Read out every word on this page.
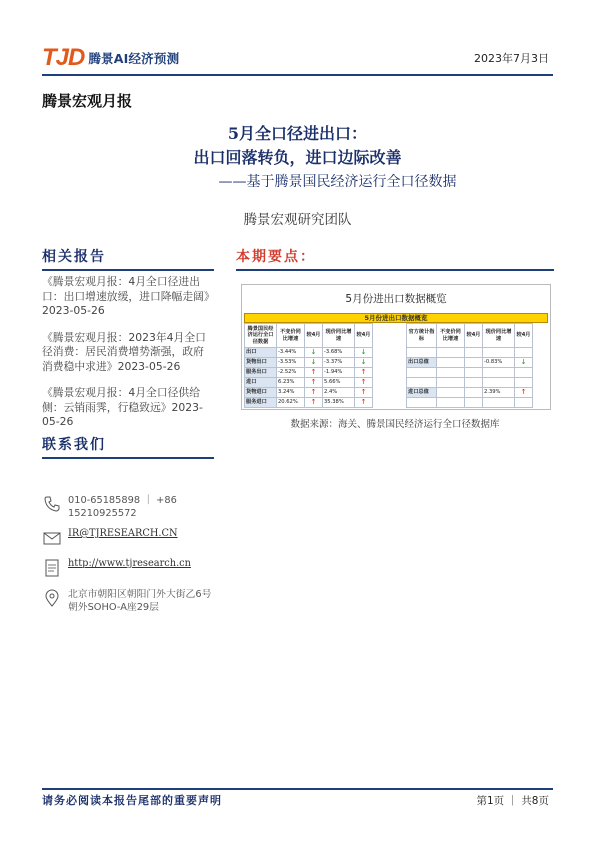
TJD 腾景AI经济预测	2023年7月3日
腾景宏观月报
5月全口径进出口：
出口回落转负，进口边际改善
——基于腾景国民经济运行全口径数据
腾景宏观研究团队
相关报告
《腾景宏观月报：4月全口径进出口：出口增速放缓，进口降幅走阔》2023-05-26
《腾景宏观月报：2023年4月全口径消费：居民消费增势渐强，政府消费稳中求进》2023-05-26
《腾景宏观月报：4月全口径供给侧：云销雨霁，行稳致远》2023-05-26
联系我们
010-65185898 ｜ +86 15210925572
IR@TJRESEARCH.CN
http://www.tjresearch.cn
北京市朝阳区朝阳门外大街乙6号朝外SOHO-A座29层
本期要点：
5月份进出口数据概览
5月份进出口数据概览
腾景国民经济运行全口径数据	不变价同比增速	较4月	现价同比增速	较4月		官方统计指标	不变价同比增速	较4月	现价同比增速	较4月	
出口	-3.44%	↓	-3.68%	↓							
货物出口	-3.53%	↓	-3.37%	↓		出口总值			-0.83%	↓	
服务出口	-2.52%	↑	-1.94%	↑							
进口	6.23%	↑	5.66%	↑							
货物进口	3.24%	↑	2.4%	↑		进口总值			2.39%	↑	
服务进口	20.62%	↑	35.38%	↑							
数据来源：海关、腾景国民经济运行全口径数据库
请务必阅读本报告尾部的重要声明	第1页 ｜ 共8页
